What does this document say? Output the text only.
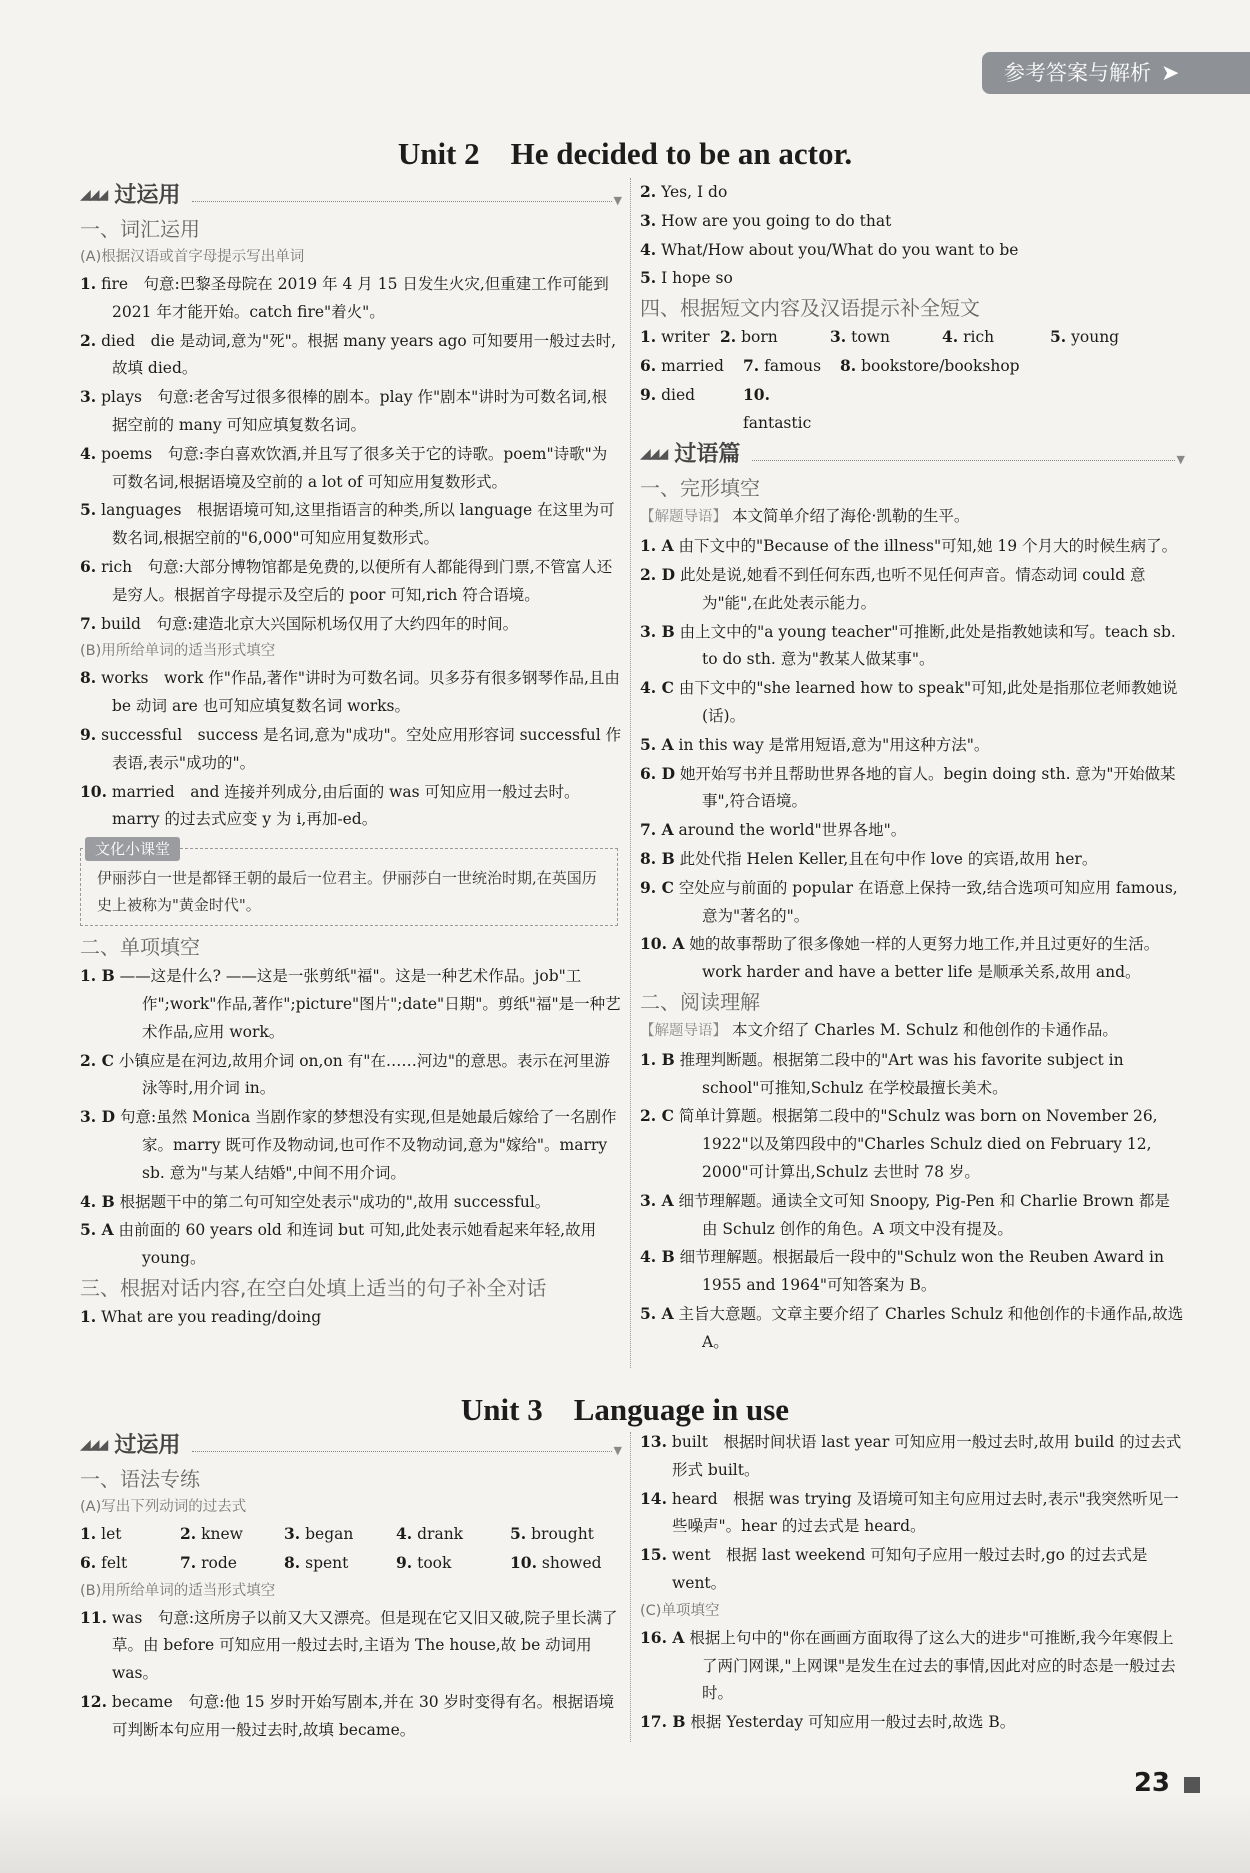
参考答案与解析 ➤
Unit 2　He decided to be an actor.
◢◢◢ 过运用	▼
一、词汇运用
(A)根据汉语或首字母提示写出单词

1. fire　句意:巴黎圣母院在 2019 年 4 月 15 日发生火灾,但重建工作可能到 2021 年才能开始。catch fire"着火"。

2. died　die 是动词,意为"死"。根据 many years ago 可知要用一般过去时,故填 died。

3. plays　句意:老舍写过很多很棒的剧本。play 作"剧本"讲时为可数名词,根据空前的 many 可知应填复数名词。

4. poems　句意:李白喜欢饮酒,并且写了很多关于它的诗歌。poem"诗歌"为可数名词,根据语境及空前的 a lot of 可知应用复数形式。

5. languages　根据语境可知,这里指语言的种类,所以 language 在这里为可数名词,根据空前的"6,000"可知应用复数形式。

6. rich　句意:大部分博物馆都是免费的,以便所有人都能得到门票,不管富人还是穷人。根据首字母提示及空后的 poor 可知,rich 符合语境。

7. build　句意:建造北京大兴国际机场仅用了大约四年的时间。

(B)用所给单词的适当形式填空

8. works　work 作"作品,著作"讲时为可数名词。贝多芬有很多钢琴作品,且由 be 动词 are 也可知应填复数名词 works。

9. successful　success 是名词,意为"成功"。空处应用形容词 successful 作表语,表示"成功的"。

10. married　and 连接并列成分,由后面的 was 可知应用一般过去时。marry 的过去式应变 y 为 i,再加-ed。

文化小课堂
伊丽莎白一世是都铎王朝的最后一位君主。伊丽莎白一世统治时期,在英国历史上被称为"黄金时代"。
二、单项填空

1. B ——这是什么? ——这是一张剪纸"福"。这是一种艺术作品。job"工作";work"作品,著作";picture"图片";date"日期"。剪纸"福"是一种艺术作品,应用 work。

2. C 小镇应是在河边,故用介词 on,on 有"在……河边"的意思。表示在河里游泳等时,用介词 in。

3. D 句意:虽然 Monica 当剧作家的梦想没有实现,但是她最后嫁给了一名剧作家。marry 既可作及物动词,也可作不及物动词,意为"嫁给"。marry sb. 意为"与某人结婚",中间不用介词。

4. B 根据题干中的第二句可知空处表示"成功的",故用 successful。

5. A 由前面的 60 years old 和连词 but 可知,此处表示她看起来年轻,故用 young。

三、根据对话内容,在空白处填上适当的句子补全对话

1. What are you reading/doing

2. Yes, I do

3. How are you going to do that

4. What/How about you/What do you want to be

5. I hope so

四、根据短文内容及汉语提示补全短文
1. writer 2. born	3. town	4. rich	5. young
6. married	7. famous	8. bookstore/bookshop
9. died	10. fantastic
◢◢◢ 过语篇	▼
一、完形填空

【解题导语】 本文简单介绍了海伦·凯勒的生平。

1. A 由下文中的"Because of the illness"可知,她 19 个月大的时候生病了。

2. D 此处是说,她看不到任何东西,也听不见任何声音。情态动词 could 意为"能",在此处表示能力。

3. B 由上文中的"a young teacher"可推断,此处是指教她读和写。teach sb. to do sth. 意为"教某人做某事"。

4. C 由下文中的"she learned how to speak"可知,此处是指那位老师教她说(话)。

5. A in this way 是常用短语,意为"用这种方法"。

6. D 她开始写书并且帮助世界各地的盲人。begin doing sth. 意为"开始做某事",符合语境。

7. A around the world"世界各地"。

8. B 此处代指 Helen Keller,且在句中作 love 的宾语,故用 her。

9. C 空处应与前面的 popular 在语意上保持一致,结合选项可知应用 famous,意为"著名的"。

10. A 她的故事帮助了很多像她一样的人更努力地工作,并且过更好的生活。work harder and have a better life 是顺承关系,故用 and。

二、阅读理解

【解题导语】 本文介绍了 Charles M. Schulz 和他创作的卡通作品。

1. B 推理判断题。根据第二段中的"Art was his favorite subject in school"可推知,Schulz 在学校最擅长美术。

2. C 简单计算题。根据第二段中的"Schulz was born on November 26, 1922"以及第四段中的"Charles Schulz died on February 12, 2000"可计算出,Schulz 去世时 78 岁。

3. A 细节理解题。通读全文可知 Snoopy, Pig-Pen 和 Charlie Brown 都是由 Schulz 创作的角色。A 项文中没有提及。

4. B 细节理解题。根据最后一段中的"Schulz won the Reuben Award in 1955 and 1964"可知答案为 B。

5. A 主旨大意题。文章主要介绍了 Charles Schulz 和他创作的卡通作品,故选 A。

Unit 3　Language in use
◢◢◢ 过运用	▼
一、语法专练
(A)写出下列动词的过去式
1. let	2. knew	3. began	4. drank	5. brought
6. felt	7. rode	8. spent	9. took	10. showed
(B)用所给单词的适当形式填空

11. was　句意:这所房子以前又大又漂亮。但是现在它又旧又破,院子里长满了草。由 before 可知应用一般过去时,主语为 The house,故 be 动词用 was。

12. became　句意:他 15 岁时开始写剧本,并在 30 岁时变得有名。根据语境可判断本句应用一般过去时,故填 became。

13. built　根据时间状语 last year 可知应用一般过去时,故用 build 的过去式形式 built。

14. heard　根据 was trying 及语境可知主句应用过去时,表示"我突然听见一些噪声"。hear 的过去式是 heard。

15. went　根据 last weekend 可知句子应用一般过去时,go 的过去式是 went。

(C)单项填空

16. A 根据上句中的"你在画画方面取得了这么大的进步"可推断,我今年寒假上了两门网课,"上网课"是发生在过去的事情,因此对应的时态是一般过去时。

17. B 根据 Yesterday 可知应用一般过去时,故选 B。

23
